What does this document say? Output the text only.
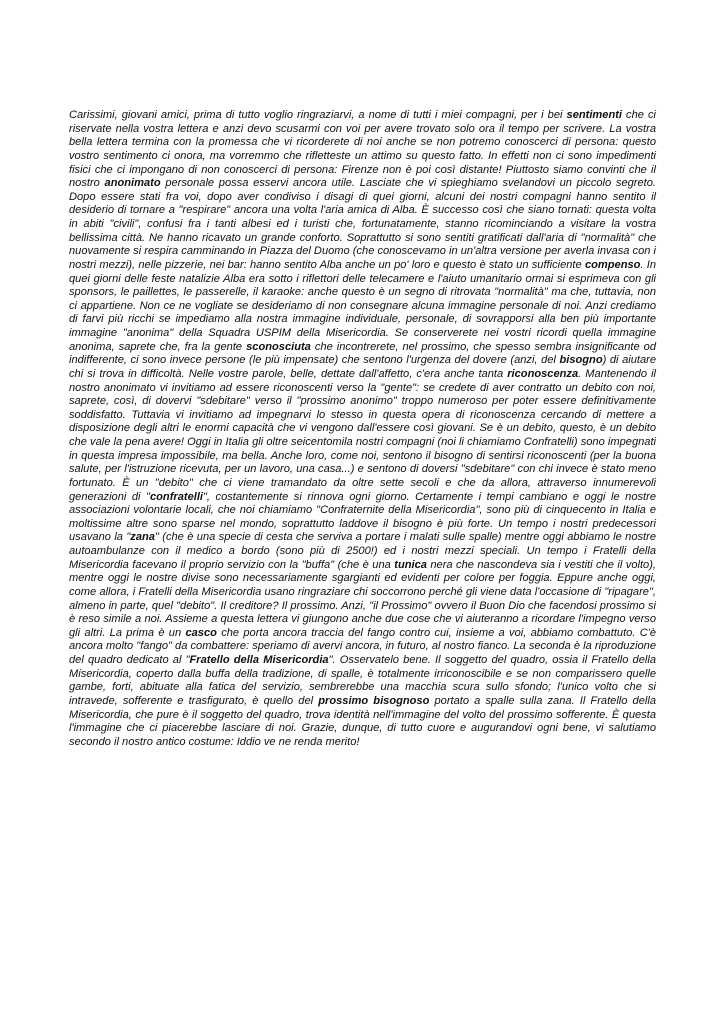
Carissimi, giovani amici, prima di tutto voglio ringraziarvi, a nome di tutti i miei compagni, per i bei sentimenti che ci riservate nella vostra lettera e anzi devo scusarmi con voi per avere trovato solo ora il tempo per scrivere. La vostra bella lettera termina con la promessa che vi ricorderete di noi anche se non potremo conoscerci di persona: questo vostro sentimento ci onora, ma vorremmo che rifletteste un attimo su questo fatto. In effetti non ci sono impedimenti fisici che ci impongano di non conoscerci di persona: Firenze non è poi così distante! Piuttosto siamo convinti che il nostro anonimato personale possa esservi ancora utile. Lasciate che vi spieghiamo svelandovi un piccolo segreto. Dopo essere stati fra voi, dopo aver condiviso i disagi di quei giorni, alcuni dei nostri compagni hanno sentito il desiderio di tornare a "respirare" ancora una volta l'aria amica di Alba. È successo così che siano tornati: questa volta in abiti "civili", confusi fra i tanti albesi ed i turisti che, fortunatamente, stanno ricominciando a visitare la vostra bellissima città. Ne hanno ricavato un grande conforto. Soprattutto si sono sentiti gratificati dall'aria di "normalità" che nuovamente si respira camminando in Piazza del Duomo (che conoscevamo in un'altra versione per averla invasa con i nostri mezzi), nelle pizzerie, nei bar: hanno sentito Alba anche un po' loro e questo è stato un sufficiente compenso. In quei giorni delle feste natalizie Alba era sotto i riflettori delle telecamere e l'aiuto umanitario ormai si esprimeva con gli sponsors, le paillettes, le passerelle, il karaoke: anche questo è un segno di ritrovata "normalità" ma che, tuttavia, non ci appartiene. Non ce ne vogliate se desideriamo di non consegnare alcuna immagine personale di noi. Anzi crediamo di farvi più ricchi se impediamo alla nostra immagine individuale, personale, di sovrapporsi alla ben più importante immagine "anonima" della Squadra USPIM della Misericordia. Se conserverete nei vostri ricordi quella immagine anonima, saprete che, fra la gente sconosciuta che incontrerete, nel prossimo, che spesso sembra insignificante od indifferente, ci sono invece persone (le più impensate) che sentono l'urgenza del dovere (anzi, del bisogno) di aiutare chi si trova in difficoltà. Nelle vostre parole, belle, dettate dall'affetto, c'era anche tanta riconoscenza. Mantenendo il nostro anonimato vi invitiamo ad essere riconoscenti verso la "gente": se credete di aver contratto un debito con noi, saprete, così, di dovervi "sdebitare" verso il "prossimo anonimo" troppo numeroso per poter essere definitivamente soddisfatto. Tuttavia vi invitiamo ad impegnarvi lo stesso in questa opera di riconoscenza cercando di mettere a disposizione degli altri le enormi capacità che vi vengono dall'essere così giovani. Se è un debito, questo, è un debito che vale la pena avere! Oggi in Italia gli oltre seicentomila nostri compagni (noi li chiamiamo Confratelli) sono impegnati in questa impresa impossibile, ma bella. Anche loro, come noi, sentono il bisogno di sentirsi riconoscenti (per la buona salute, per l'istruzione ricevuta, per un lavoro, una casa...) e sentono di doversi "sdebitare" con chi invece è stato meno fortunato. È un "debito" che ci viene tramandato da oltre sette secoli e che da allora, attraverso innumerevoli generazioni di "confratelli", costantemente si rinnova ogni giorno. Certamente i tempi cambiano e oggi le nostre associazioni volontarie locali, che noi chiamiamo "Confraternite della Misericordia", sono più di cinquecento in Italia e moltissime altre sono sparse nel mondo, soprattutto laddove il bisogno è più forte. Un tempo i nostri predecessori usavano la "zana" (che è una specie di cesta che serviva a portare i malati sulle spalle) mentre oggi abbiamo le nostre autoambulanze con il medico a bordo (sono più di 2500!) ed i nostri mezzi speciali. Un tempo i Fratelli della Misericordia facevano il proprio servizio con la "buffa" (che è una tunica nera che nascondeva sia i vestiti che il volto), mentre oggi le nostre divise sono necessariamente sgargianti ed evidenti per colore per foggia. Eppure anche oggi, come allora, i Fratelli della Misericordia usano ringraziare chi soccorrono perché gli viene data l'occasione di "ripagare", almeno in parte, quel "debito". Il creditore? Il prossimo. Anzi, "il Prossimo" ovvero il Buon Dio che facendosi prossimo si è reso simile a noi. Assieme a questa lettera vi giungono anche due cose che vi aiuteranno a ricordare l'impegno verso gli altri. La prima è un casco che porta ancora traccia del fango contro cui, insieme a voi, abbiamo combattuto. C'è ancora molto "fango" da combattere: speriamo di avervi ancora, in futuro, al nostro fianco. La seconda è la riproduzione del quadro dedicato al "Fratello della Misericordia". Osservatelo bene. Il soggetto del quadro, ossia il Fratello della Misericordia, coperto dalla buffa della tradizione, di spalle, è totalmente irriconoscibile e se non comparissero quelle gambe, forti, abituate alla fatica del servizio, sembrerebbe una macchia scura sullo sfondo; l'unico volto che si intravede, sofferente e trasfigurato, è quello del prossimo bisognoso portato a spalle sulla zana. Il Fratello della Misericordia, che pure è il soggetto del quadro, trova identità nell'immagine del volto del prossimo sofferente. È questa l'immagine che ci piacerebbe lasciare di noi. Grazie, dunque, di tutto cuore e augurandovi ogni bene, vi salutiamo secondo il nostro antico costume: Iddio ve ne renda merito!
